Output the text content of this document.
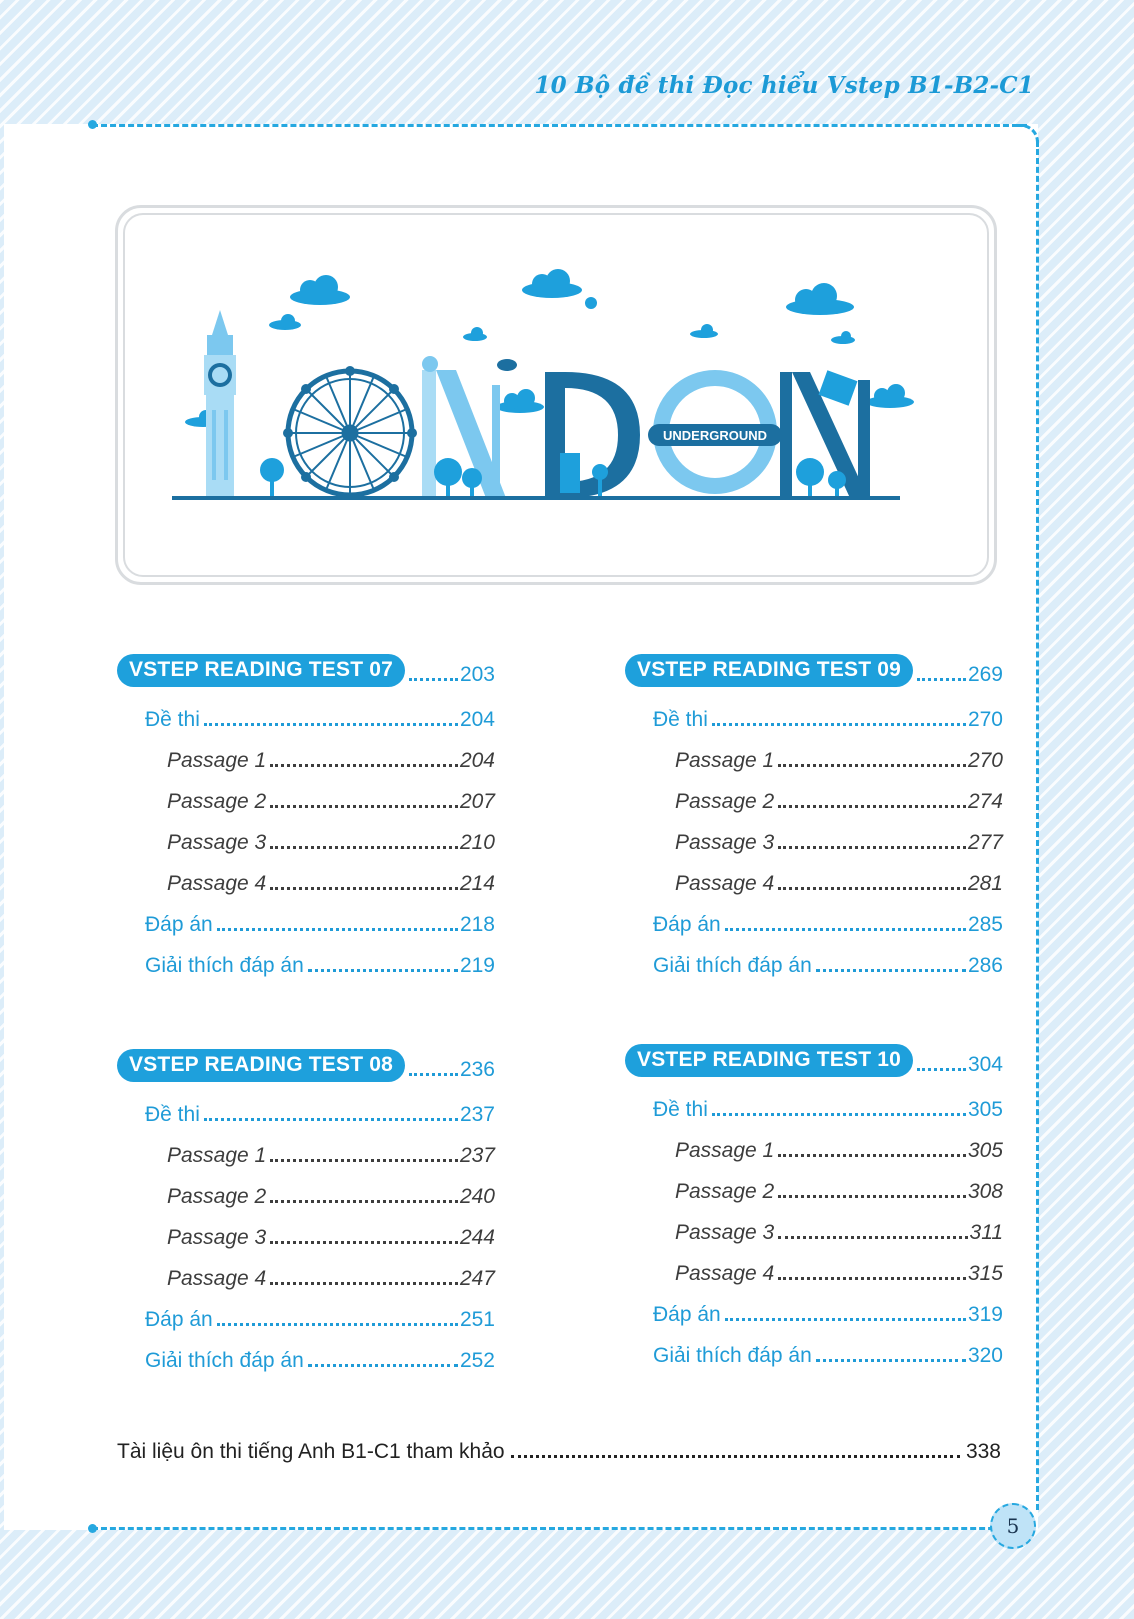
10 Bộ đề thi Đọc hiểu Vstep B1-B2-C1
UNDERGROUND
VSTEP READING TEST 07	203
Đề thi	204
Passage 1	204
Passage 2	207
Passage 3	210
Passage 4	214
Đáp án	218
Giải thích đáp án	219
VSTEP READING TEST 08	236
Đề thi	237
Passage 1	237
Passage 2	240
Passage 3	244
Passage 4	247
Đáp án	251
Giải thích đáp án	252
VSTEP READING TEST 09	269
Đề thi	270
Passage 1	270
Passage 2	274
Passage 3	277
Passage 4	281
Đáp án	285
Giải thích đáp án	286
VSTEP READING TEST 10	304
Đề thi	305
Passage 1	305
Passage 2	308
Passage 3	311
Passage 4	315
Đáp án	319
Giải thích đáp án	320
Tài liệu ôn thi tiếng Anh B1-C1 tham khảo	338
5
